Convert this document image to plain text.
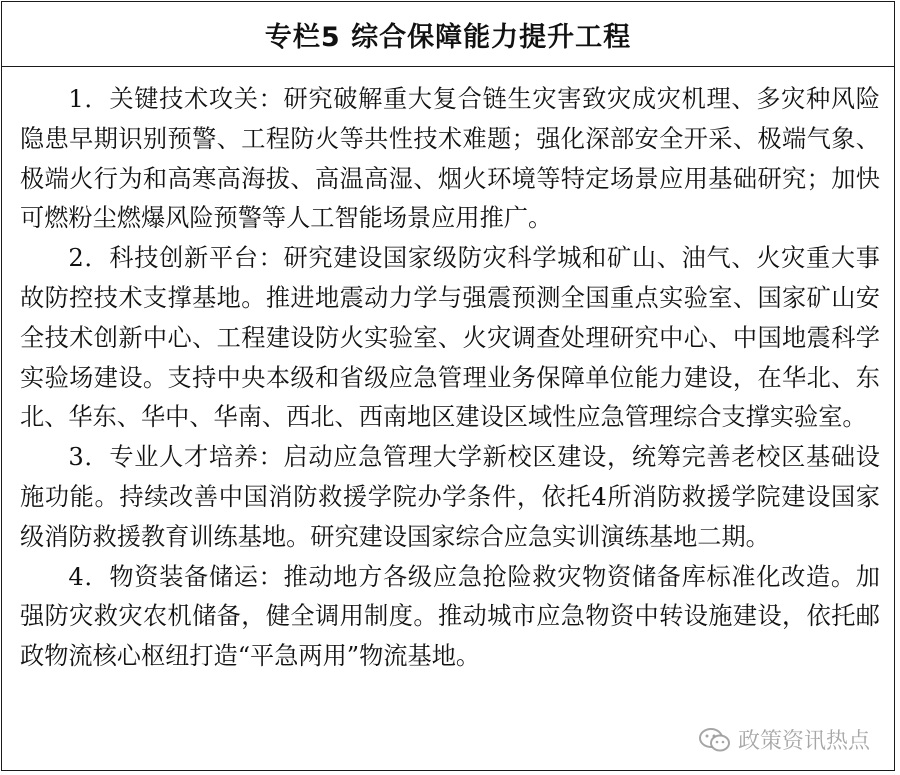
专栏5 综合保障能力提升工程

1．关键技术攻关：研究破解重大复合链生灾害致灾成灾机理、多灾种风险隐患早期识别预警、工程防火等共性技术难题；强化深部安全开采、极端气象、极端火行为和高寒高海拔、高温高湿、烟火环境等特定场景应用基础研究；加快可燃粉尘燃爆风险预警等人工智能场景应用推广。

2．科技创新平台：研究建设国家级防灾科学城和矿山、油气、火灾重大事故防控技术支撑基地。推进地震动力学与强震预测全国重点实验室、国家矿山安全技术创新中心、工程建设防火实验室、火灾调查处理研究中心、中国地震科学实验场建设。支持中央本级和省级应急管理业务保障单位能力建设，在华北、东北、华东、华中、华南、西北、西南地区建设区域性应急管理综合支撑实验室。

3．专业人才培养：启动应急管理大学新校区建设，统筹完善老校区基础设施功能。持续改善中国消防救援学院办学条件，依托4所消防救援学院建设国家级消防救援教育训练基地。研究建设国家综合应急实训演练基地二期。

4．物资装备储运：推动地方各级应急抢险救灾物资储备库标准化改造。加强防灾救灾农机储备，健全调用制度。推动城市应急物资中转设施建设，依托邮政物流核心枢纽打造“平急两用”物流基地。

政策资讯热点
